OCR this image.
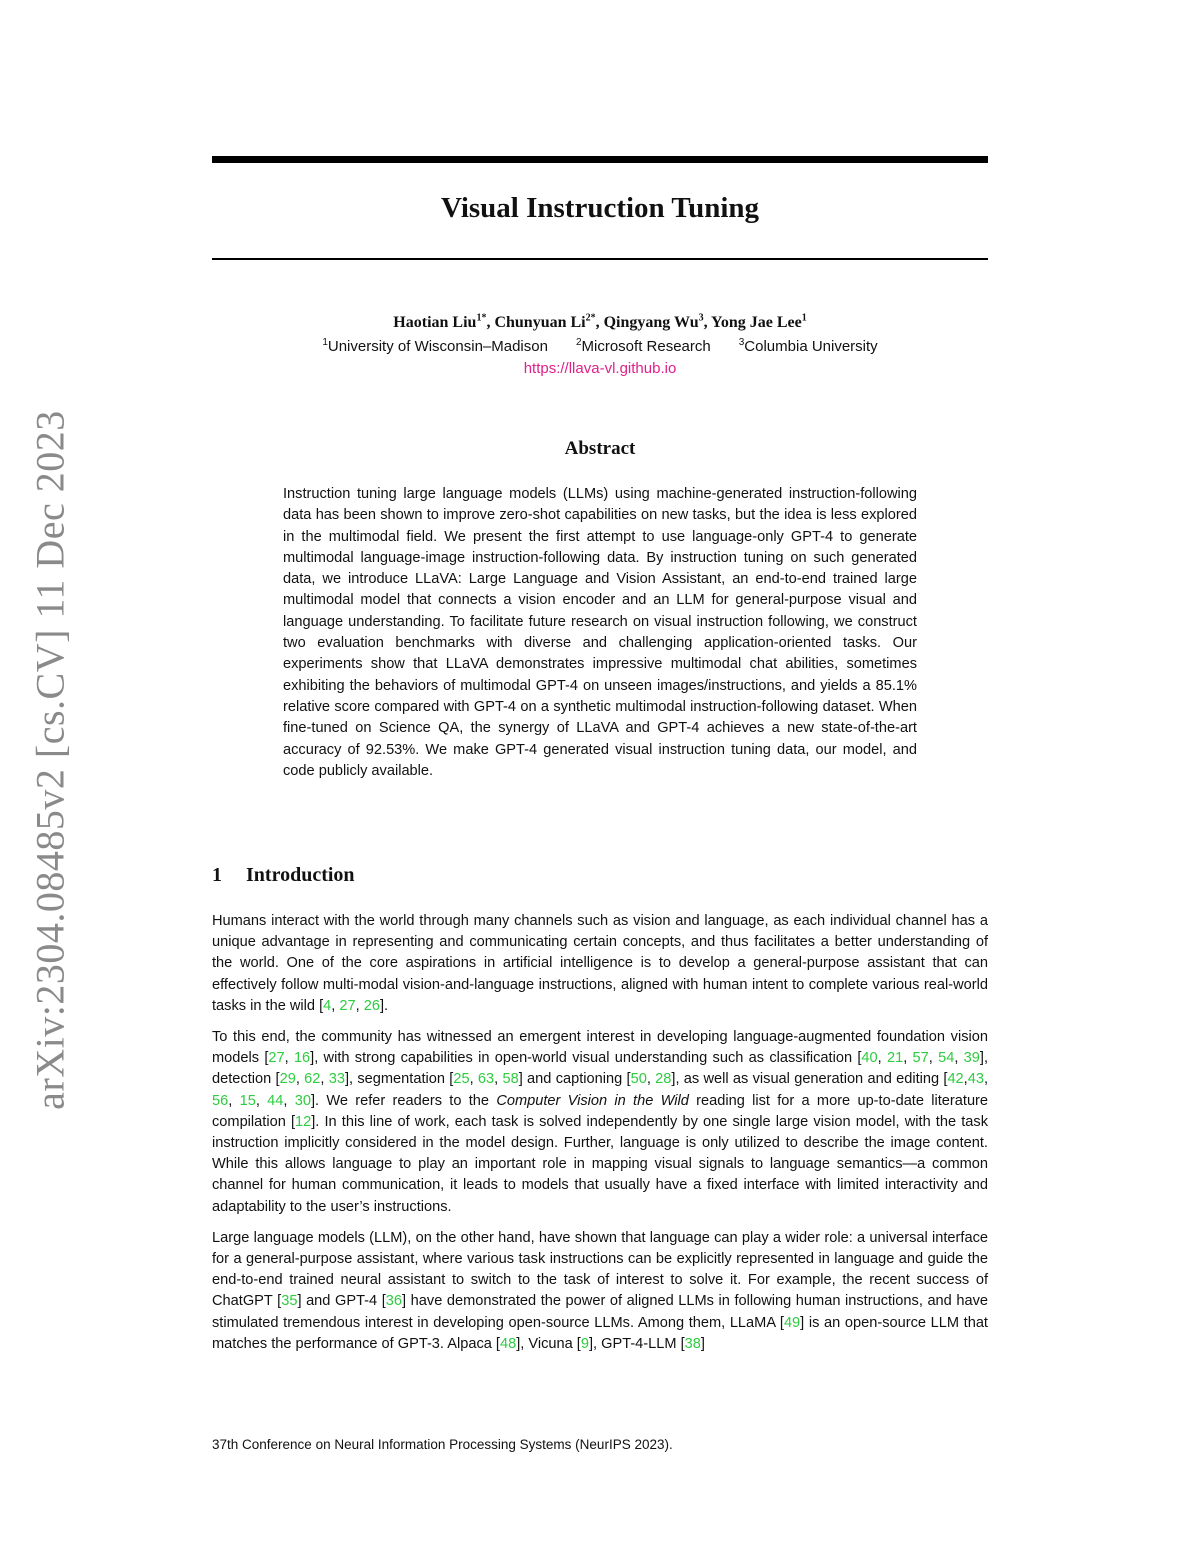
arXiv:2304.08485v2 [cs.CV] 11 Dec 2023
Visual Instruction Tuning
Haotian Liu$^{1*}$, Chunyuan $Li^{2*}$, Qingyang Wu$^3$, Yong Jae Lee$^1$
$^1$University of Wisconsin–Madison	$^2$Microsoft Research	$^3$Columbia University
https://llava-vl.github.io
Abstract

Instruction tuning large language models (LLMs) using machine-generated instruction-following data has been shown to improve zero-shot capabilities on new tasks, but the idea is less explored in the multimodal field. We present the first attempt to use language-only GPT-4 to generate multimodal language-image instruction-following data. By instruction tuning on such generated data, we introduce LLaVA: Large Language and Vision Assistant, an end-to-end trained large multimodal model that connects a vision encoder and an LLM for general-purpose visual and language understanding. To facilitate future research on visual instruction following, we construct two evaluation benchmarks with diverse and challenging application-oriented tasks. Our experiments show that LLaVA demonstrates impressive multimodal chat abilities, sometimes exhibiting the behaviors of multimodal GPT-4 on unseen images/instructions, and yields a 85.1% relative score compared with GPT-4 on a synthetic multimodal instruction-following dataset. When fine-tuned on Science QA, the synergy of LLaVA and GPT-4 achieves a new state-of-the-art accuracy of 92.53%. We make GPT-4 generated visual instruction tuning data, our model, and code publicly available.

1 Introduction

Humans interact with the world through many channels such as vision and language, as each individual channel has a unique advantage in representing and communicating certain concepts, and thus facilitates a better understanding of the world. One of the core aspirations in artificial intelligence is to develop a general-purpose assistant that can effectively follow multi-modal vision-and-language instructions, aligned with human intent to complete various real-world tasks in the wild [4, 27, 26].

To this end, the community has witnessed an emergent interest in developing language-augmented foundation vision models [27, 16], with strong capabilities in open-world visual understanding such as classification [40, 21, 57, 54, 39], detection [29, 62, 33], segmentation [25, 63, 58] and captioning [50, 28], as well as visual generation and editing [42,43, 56, 15, 44, 30]. We refer readers to the Computer Vision in the Wild reading list for a more up-to-date literature compilation [12]. In this line of work, each task is solved independently by one single large vision model, with the task instruction implicitly considered in the model design. Further, language is only utilized to describe the image content. While this allows language to play an important role in mapping visual signals to language semantics—a common channel for human communication, it leads to models that usually have a fixed interface with limited interactivity and adaptability to the user’s instructions.

Large language models (LLM), on the other hand, have shown that language can play a wider role: a universal interface for a general-purpose assistant, where various task instructions can be explicitly represented in language and guide the end-to-end trained neural assistant to switch to the task of interest to solve it. For example, the recent success of ChatGPT [35] and GPT-4 [36] have demonstrated the power of aligned LLMs in following human instructions, and have stimulated tremendous interest in developing open-source LLMs. Among them, LLaMA [49] is an open-source LLM that matches the performance of GPT-3. Alpaca [48], Vicuna [9], GPT-4-LLM [38]

37th Conference on Neural Information Processing Systems (NeurIPS 2023).
